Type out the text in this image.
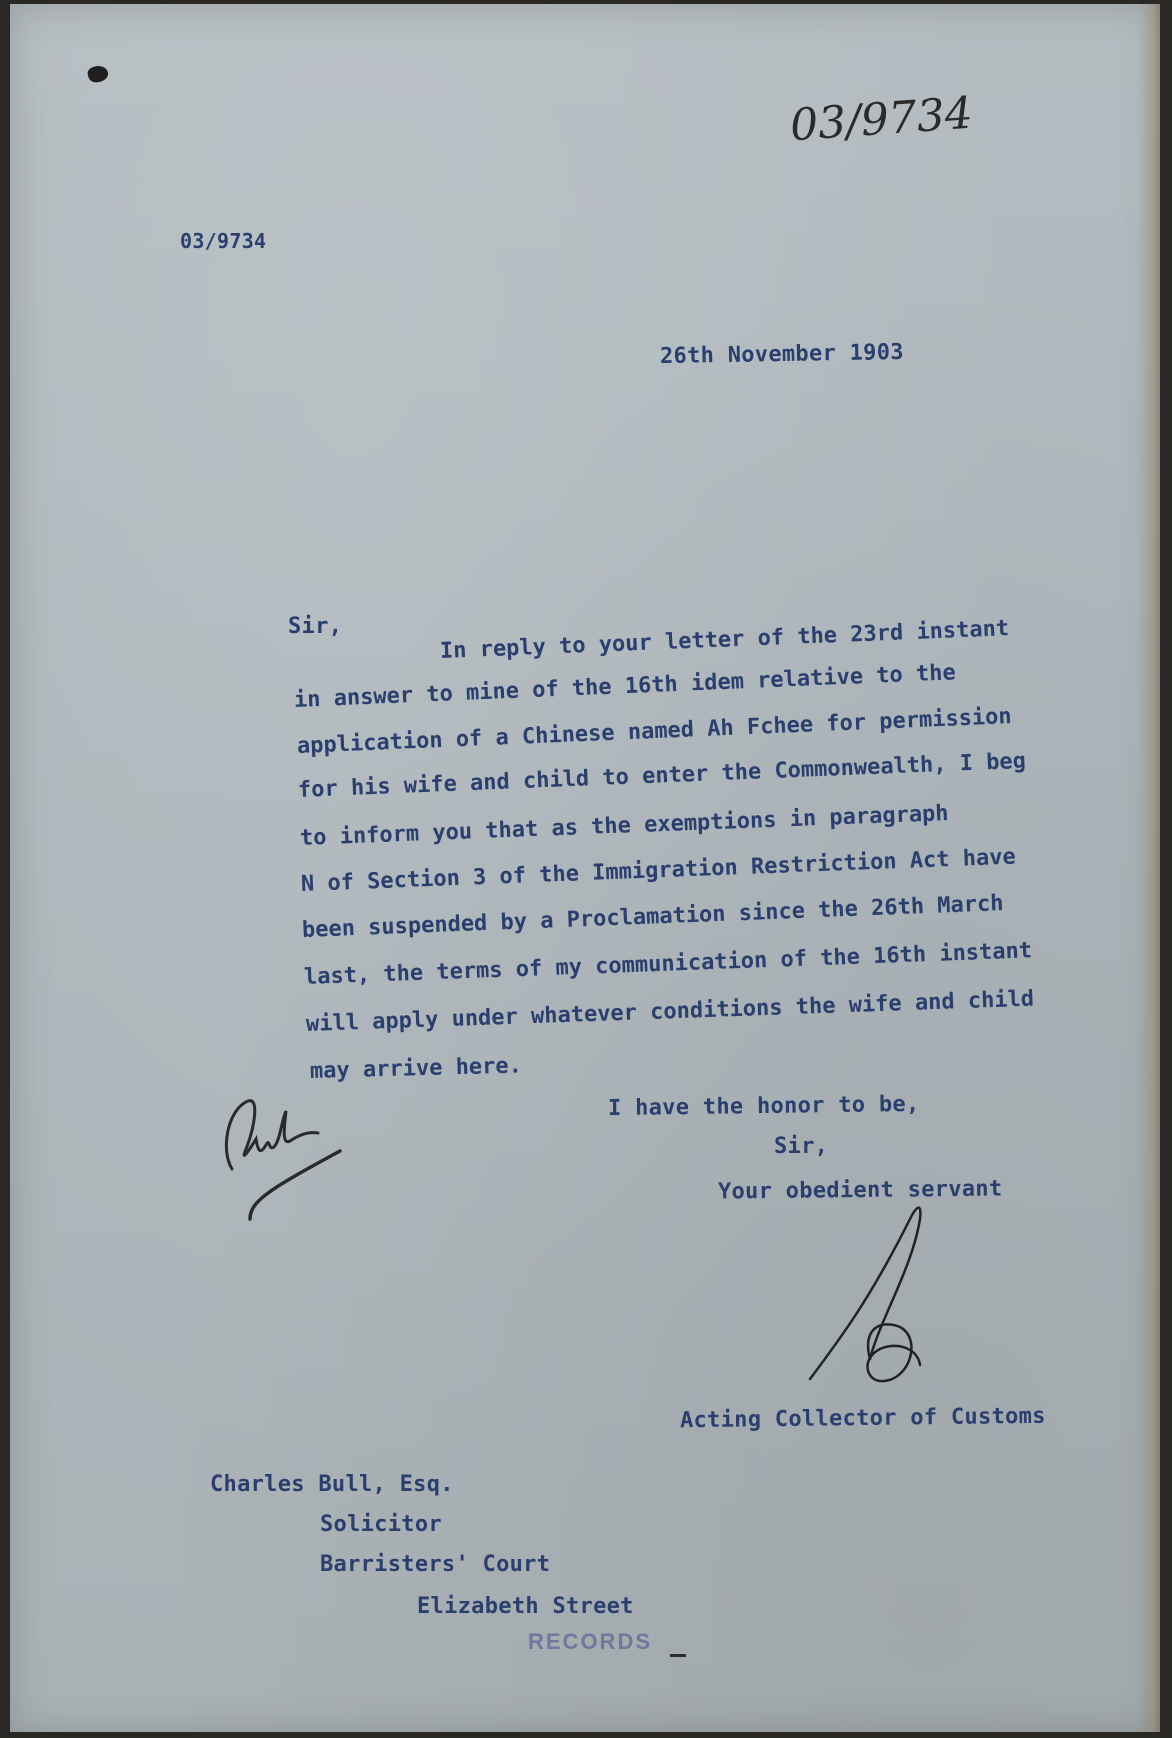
03/9734
03/9734
26th November 1903
Sir,	In reply to your letter of the 23rd instant
in answer to mine of the 16th idem relative to the
application of a Chinese named Ah Fchee for permission
for his wife and child to enter the Commonwealth, I beg
to inform you that as the exemptions in paragraph
N of Section 3 of the Immigration Restriction Act have
been suspended by a Proclamation since the 26th March
last, the terms of my communication of the 16th instant
will apply under whatever conditions the wife and child
may arrive here.
I have the honor to be,
Sir,
Your obedient servant
Acting Collector of Customs
Charles Bull, Esq.
Solicitor
Barristers' Court
Elizabeth Street
RECORDS
